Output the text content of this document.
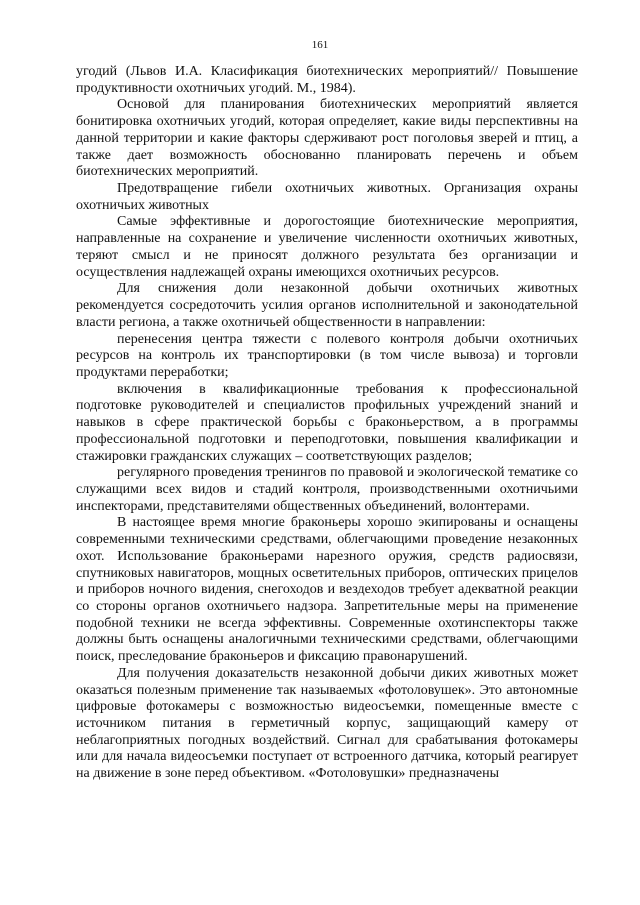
161

угодий (Львов И.А. Класификация биотехнических мероприятий// Повышение продуктивности охотничьих угодий. М., 1984).

Основой для планирования биотехнических мероприятий является бонитировка охотничьих угодий, которая определяет, какие виды перспективны на данной территории и какие факторы сдерживают рост поголовья зверей и птиц, а также дает возможность обоснованно планировать перечень и объем биотехнических мероприятий.

Предотвращение гибели охотничьих животных. Организация охраны охотничьих животных

Самые эффективные и дорогостоящие биотехнические мероприятия, направленные на сохранение и увеличение численности охотничьих животных, теряют смысл и не приносят должного результата без организации и осуществления надлежащей охраны имеющихся охотничьих ресурсов.

Для снижения доли незаконной добычи охотничьих животных рекомендуется сосредоточить усилия органов исполнительной и законодательной власти региона, а также охотничьей общественности в направлении:

перенесения центра тяжести с полевого контроля добычи охотничьих ресурсов на контроль их транспортировки (в том числе вывоза) и торговли продуктами переработки;

включения в квалификационные требования к профессиональной подготовке руководителей и специалистов профильных учреждений знаний и навыков в сфере практической борьбы с браконьерством, а в программы профессиональной подготовки и переподготовки, повышения квалификации и стажировки гражданских служащих – соответствующих разделов;

регулярного проведения тренингов по правовой и экологической тематике со служащими всех видов и стадий контроля, производственными охотничьими инспекторами, представителями общественных объединений, волонтерами.

В настоящее время многие браконьеры хорошо экипированы и оснащены современными техническими средствами, облегчающими проведение незаконных охот. Использование браконьерами нарезного оружия, средств радиосвязи, спутниковых навигаторов, мощных осветительных приборов, оптических прицелов и приборов ночного видения, снегоходов и вездеходов требует адекватной реакции со стороны органов охотничьего надзора. Запретительные меры на применение подобной техники не всегда эффективны. Современные охотинспекторы также должны быть оснащены аналогичными техническими средствами, облегчающими поиск, преследование браконьеров и фиксацию правонарушений.

Для получения доказательств незаконной добычи диких животных может оказаться полезным применение так называемых «фотоловушек». Это автономные цифровые фотокамеры с возможностью видеосъемки, помещенные вместе с источником питания в герметичный корпус, защищающий камеру от неблагоприятных погодных воздействий. Сигнал для срабатывания фотокамеры или для начала видеосъемки поступает от встроенного датчика, который реагирует на движение в зоне перед объективом. «Фотоловушки» предназначены
